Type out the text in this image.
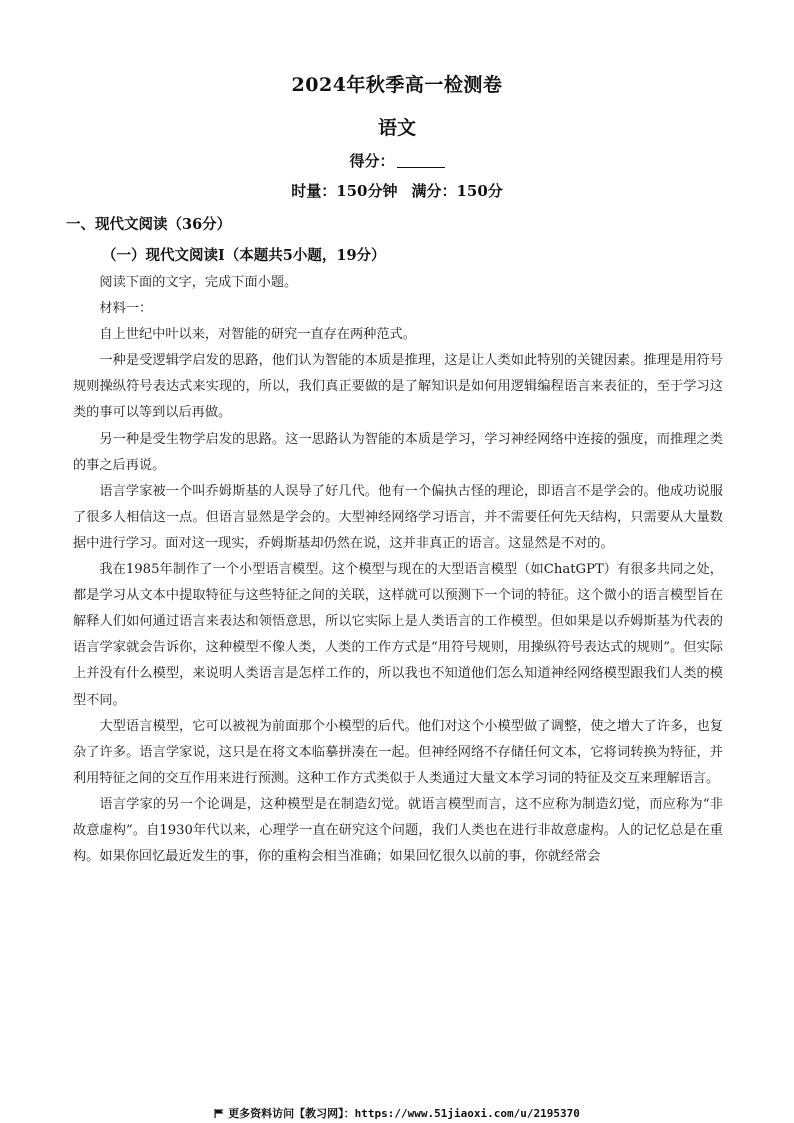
2024年秋季高一检测卷
语文
得分：
时量：150分钟 满分：150分
一、现代文阅读（36分）
（一）现代文阅读Ⅰ（本题共5小题，19分）

阅读下面的文字，完成下面小题。

材料一：

自上世纪中叶以来，对智能的研究一直存在两种范式。

一种是受逻辑学启发的思路，他们认为智能的本质是推理，这是让人类如此特别的关键因素。推理是用符号规则操纵符号表达式来实现的，所以，我们真正要做的是了解知识是如何用逻辑编程语言来表征的，至于学习这类的事可以等到以后再做。

另一种是受生物学启发的思路。这一思路认为智能的本质是学习，学习神经网络中连接的强度，而推理之类的事之后再说。

语言学家被一个叫乔姆斯基的人误导了好几代。他有一个偏执古怪的理论，即语言不是学会的。他成功说服了很多人相信这一点。但语言显然是学会的。大型神经网络学习语言，并不需要任何先天结构，只需要从大量数据中进行学习。面对这一现实，乔姆斯基却仍然在说，这并非真正的语言。这显然是不对的。

我在1985年制作了一个小型语言模型。这个模型与现在的大型语言模型（如ChatGPT）有很多共同之处，都是学习从文本中提取特征与这些特征之间的关联，这样就可以预测下一个词的特征。这个微小的语言模型旨在解释人们如何通过语言来表达和领悟意思，所以它实际上是人类语言的工作模型。但如果是以乔姆斯基为代表的语言学家就会告诉你，这种模型不像人类，人类的工作方式是“用符号规则，用操纵符号表达式的规则”。但实际上并没有什么模型，来说明人类语言是怎样工作的，所以我也不知道他们怎么知道神经网络模型跟我们人类的模型不同。

大型语言模型，它可以被视为前面那个小模型的后代。他们对这个小模型做了调整，使之增大了许多，也复杂了许多。语言学家说，这只是在将文本临摹拼凑在一起。但神经网络不存储任何文本，它将词转换为特征，并利用特征之间的交互作用来进行预测。这种工作方式类似于人类通过大量文本学习词的特征及交互来理解语言。

语言学家的另一个论调是，这种模型是在制造幻觉。就语言模型而言，这不应称为制造幻觉，而应称为“非故意虚构”。自1930年代以来，心理学一直在研究这个问题，我们人类也在进行非故意虚构。人的记忆总是在重构。如果你回忆最近发生的事，你的重构会相当准确；如果回忆很久以前的事，你就经常会

更多资料访问【教习网】：https://www.51jiaoxi.com/u/2195370
